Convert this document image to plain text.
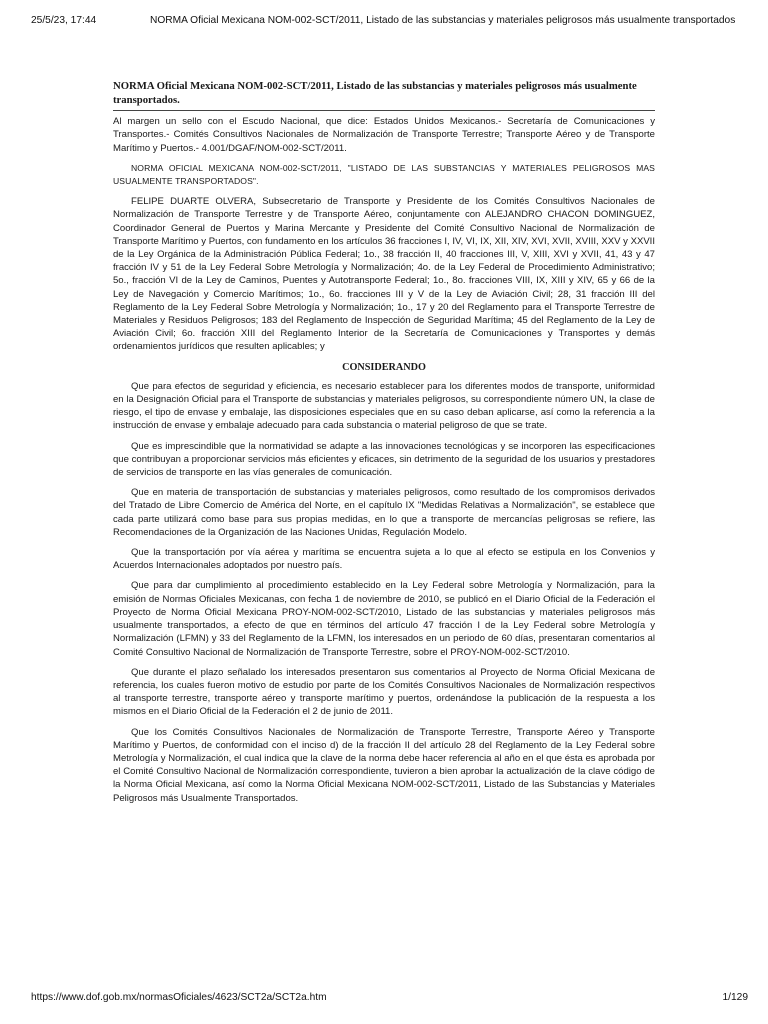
25/5/23, 17:44	NORMA Oficial Mexicana NOM-002-SCT/2011, Listado de las substancias y materiales peligrosos más usualmente transportados
NORMA Oficial Mexicana NOM-002-SCT/2011, Listado de las substancias y materiales peligrosos más usualmente transportados.

Al margen un sello con el Escudo Nacional, que dice: Estados Unidos Mexicanos.- Secretaría de Comunicaciones y Transportes.- Comités Consultivos Nacionales de Normalización de Transporte Terrestre; Transporte Aéreo y de Transporte Marítimo y Puertos.- 4.001/DGAF/NOM-002-SCT/2011.

NORMA OFICIAL MEXICANA NOM-002-SCT/2011, "LISTADO DE LAS SUBSTANCIAS Y MATERIALES PELIGROSOS MAS USUALMENTE TRANSPORTADOS".

FELIPE DUARTE OLVERA, Subsecretario de Transporte y Presidente de los Comités Consultivos Nacionales de Normalización de Transporte Terrestre y de Transporte Aéreo, conjuntamente con ALEJANDRO CHACON DOMINGUEZ, Coordinador General de Puertos y Marina Mercante y Presidente del Comité Consultivo Nacional de Normalización de Transporte Marítimo y Puertos, con fundamento en los artículos 36 fracciones I, IV, VI, IX, XII, XIV, XVI, XVII, XVIII, XXV y XXVII de la Ley Orgánica de la Administración Pública Federal; 1o., 38 fracción II, 40 fracciones III, V, XIII, XVI y XVII, 41, 43 y 47 fracción IV y 51 de la Ley Federal Sobre Metrología y Normalización; 4o. de la Ley Federal de Procedimiento Administrativo; 5o., fracción VI de la Ley de Caminos, Puentes y Autotransporte Federal; 1o., 8o. fracciones VIII, IX, XIII y XIV, 65 y 66 de la Ley de Navegación y Comercio Marítimos; 1o., 6o. fracciones III y V de la Ley de Aviación Civil; 28, 31 fracción III del Reglamento de la Ley Federal Sobre Metrología y Normalización; 1o., 17 y 20 del Reglamento para el Transporte Terrestre de Materiales y Residuos Peligrosos; 183 del Reglamento de Inspección de Seguridad Marítima; 45 del Reglamento de la Ley de Aviación Civil; 6o. fracción XIII del Reglamento Interior de la Secretaría de Comunicaciones y Transportes y demás ordenamientos jurídicos que resulten aplicables; y

CONSIDERANDO

Que para efectos de seguridad y eficiencia, es necesario establecer para los diferentes modos de transporte, uniformidad en la Designación Oficial para el Transporte de substancias y materiales peligrosos, su correspondiente número UN, la clase de riesgo, el tipo de envase y embalaje, las disposiciones especiales que en su caso deban aplicarse, así como la referencia a la instrucción de envase y embalaje adecuado para cada substancia o material peligroso de que se trate.

Que es imprescindible que la normatividad se adapte a las innovaciones tecnológicas y se incorporen las especificaciones que contribuyan a proporcionar servicios más eficientes y eficaces, sin detrimento de la seguridad de los usuarios y prestadores de servicios de transporte en las vías generales de comunicación.

Que en materia de transportación de substancias y materiales peligrosos, como resultado de los compromisos derivados del Tratado de Libre Comercio de América del Norte, en el capítulo IX "Medidas Relativas a Normalización", se establece que cada parte utilizará como base para sus propias medidas, en lo que a transporte de mercancías peligrosas se refiere, las Recomendaciones de la Organización de las Naciones Unidas, Regulación Modelo.

Que la transportación por vía aérea y marítima se encuentra sujeta a lo que al efecto se estipula en los Convenios y Acuerdos Internacionales adoptados por nuestro país.

Que para dar cumplimiento al procedimiento establecido en la Ley Federal sobre Metrología y Normalización, para la emisión de Normas Oficiales Mexicanas, con fecha 1 de noviembre de 2010, se publicó en el Diario Oficial de la Federación el Proyecto de Norma Oficial Mexicana PROY-NOM-002-SCT/2010, Listado de las substancias y materiales peligrosos más usualmente transportados, a efecto de que en términos del artículo 47 fracción I de la Ley Federal sobre Metrología y Normalización (LFMN) y 33 del Reglamento de la LFMN, los interesados en un periodo de 60 días, presentaran comentarios al Comité Consultivo Nacional de Normalización de Transporte Terrestre, sobre el PROY-NOM-002-SCT/2010.

Que durante el plazo señalado los interesados presentaron sus comentarios al Proyecto de Norma Oficial Mexicana de referencia, los cuales fueron motivo de estudio por parte de los Comités Consultivos Nacionales de Normalización respectivos al transporte terrestre, transporte aéreo y transporte marítimo y puertos, ordenándose la publicación de la respuesta a los mismos en el Diario Oficial de la Federación el 2 de junio de 2011.

Que los Comités Consultivos Nacionales de Normalización de Transporte Terrestre, Transporte Aéreo y Transporte Marítimo y Puertos, de conformidad con el inciso d) de la fracción II del artículo 28 del Reglamento de la Ley Federal sobre Metrología y Normalización, el cual indica que la clave de la norma debe hacer referencia al año en el que ésta es aprobada por el Comité Consultivo Nacional de Normalización correspondiente, tuvieron a bien aprobar la actualización de la clave código de la Norma Oficial Mexicana, así como la Norma Oficial Mexicana NOM-002-SCT/2011, Listado de las Substancias y Materiales Peligrosos más Usualmente Transportados.

https://www.dof.gob.mx/normasOficiales/4623/SCT2a/SCT2a.htm	1/129
